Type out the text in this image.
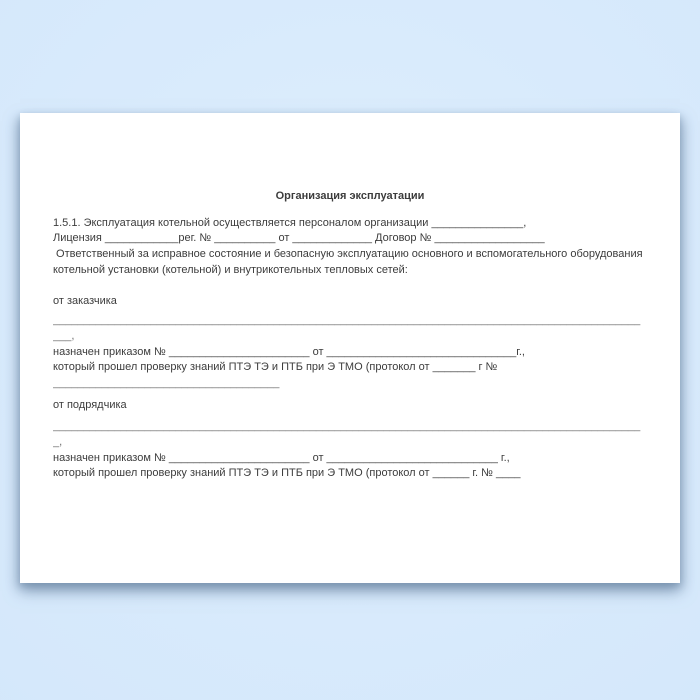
Организация эксплуатации
1.5.1. Эксплуатация котельной осуществляется персоналом организации _______________,
Лицензия ____________рег. № __________ от _____________ Договор № __________________
Ответственный за исправное состояние и безопасную эксплуатацию основного и вспомогательного оборудования
котельной установки (котельной) и внутрикотельных тепловых сетей:
от заказчика
________________________________________________________________________________________________
___,
назначен приказом № _______________________ от _______________________________г.,
который прошел проверку знаний ПТЭ ТЭ и ПТБ при Э ТМО (протокол от _______ г №
_____________________________________
от подрядчика
________________________________________________________________________________________________
_,
назначен приказом № _______________________ от ____________________________ г.,
который прошел проверку знаний ПТЭ ТЭ и ПТБ при Э ТМО (протокол от ______ г. № ____
